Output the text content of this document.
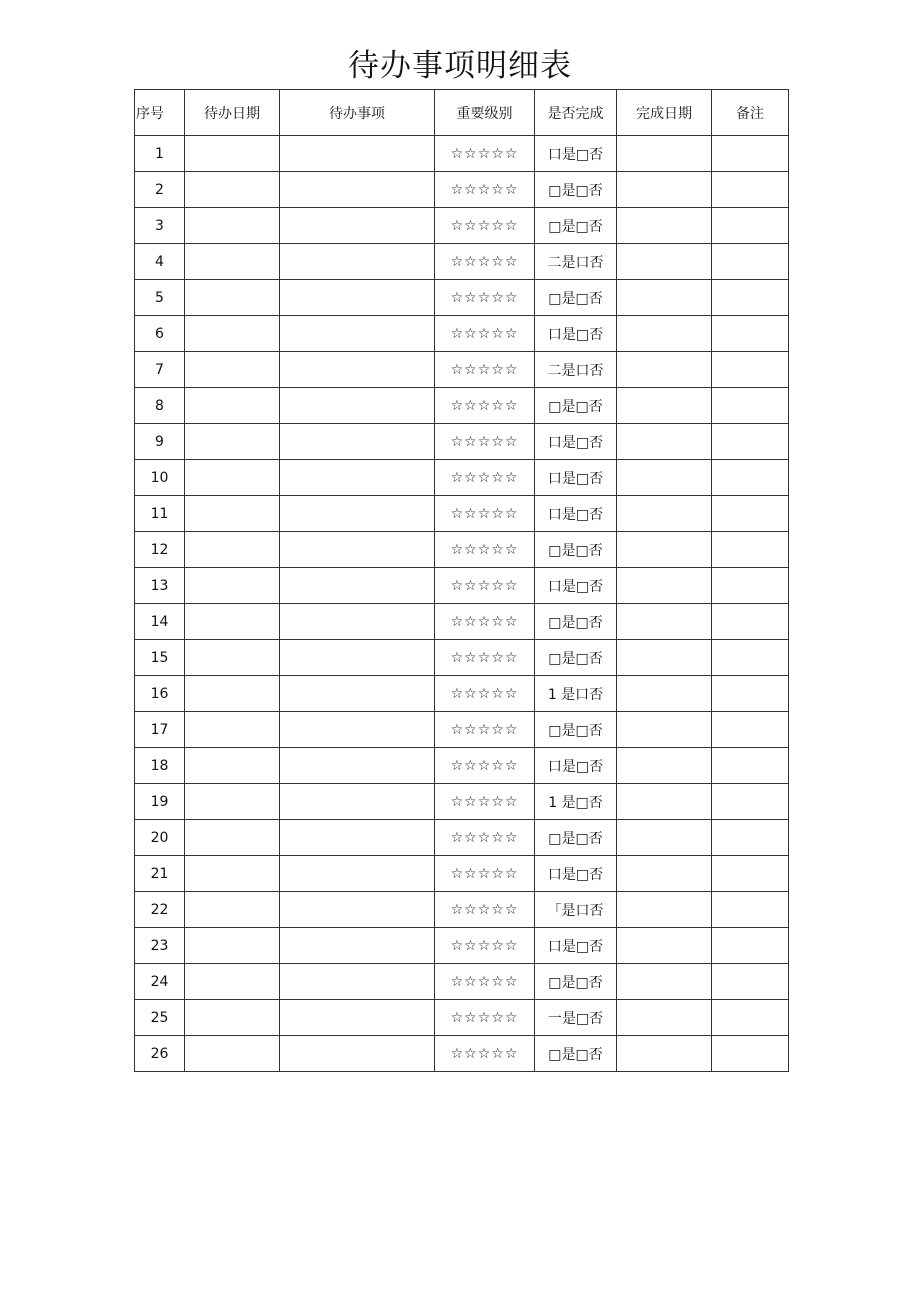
待办事项明细表
序号	待办日期	待办事项	重要级别	是否完成	完成日期	备注
1			☆☆☆☆☆	口是□否		
2			☆☆☆☆☆	□是□否		
3			☆☆☆☆☆	□是□否		
4			☆☆☆☆☆	二是口否		
5			☆☆☆☆☆	□是□否		
6			☆☆☆☆☆	口是□否		
7			☆☆☆☆☆	二是口否		
8			☆☆☆☆☆	□是□否		
9			☆☆☆☆☆	口是□否		
10			☆☆☆☆☆	口是□否		
11			☆☆☆☆☆	口是□否		
12			☆☆☆☆☆	□是□否		
13			☆☆☆☆☆	口是□否		
14			☆☆☆☆☆	□是□否		
15			☆☆☆☆☆	□是□否		
16			☆☆☆☆☆	1 是口否		
17			☆☆☆☆☆	□是□否		
18			☆☆☆☆☆	口是□否		
19			☆☆☆☆☆	1 是□否		
20			☆☆☆☆☆	□是□否		
21			☆☆☆☆☆	口是□否		
22			☆☆☆☆☆	「是口否		
23			☆☆☆☆☆	口是□否		
24			☆☆☆☆☆	□是□否		
25			☆☆☆☆☆	一是□否		
26			☆☆☆☆☆	□是□否		
